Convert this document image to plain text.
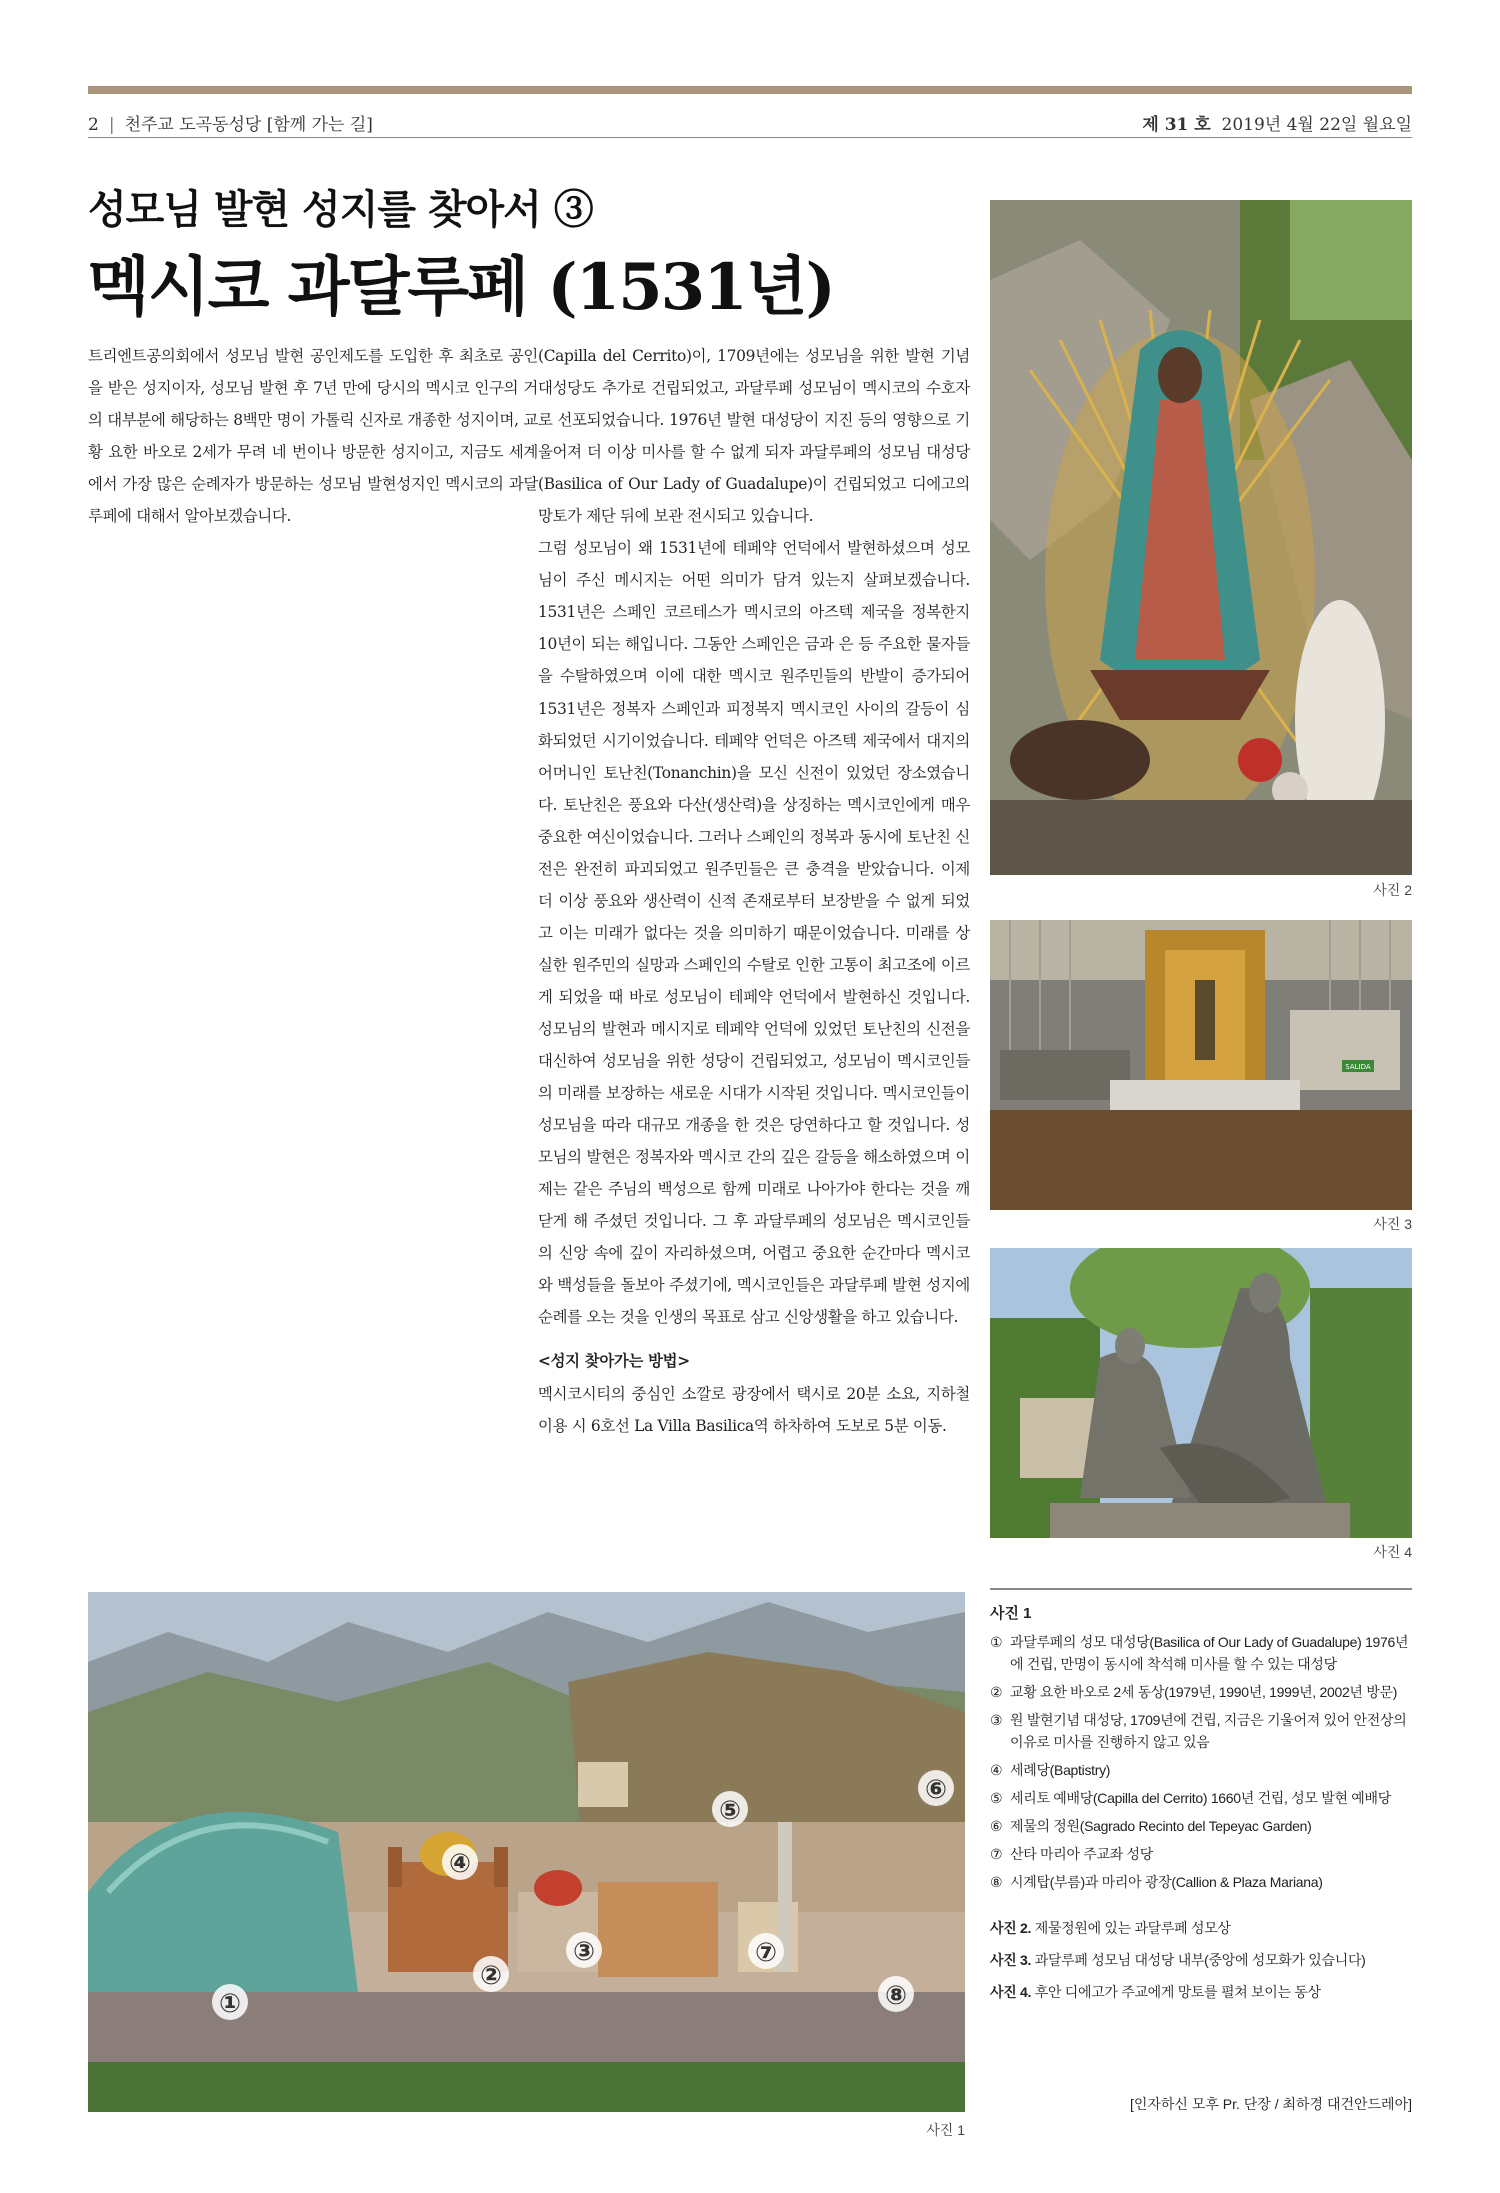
2 | 천주교 도곡동성당 [함께 가는 길]	제 31 호 2019년 4월 22일 월요일
성모님 발현 성지를 찾아서 ③
멕시코 과달루페 (1531년)

트리엔트공의회에서 성모님 발현 공인제도를 도입한 후 최초로 공인을 받은 성지이자, 성모님 발현 후 7년 만에 당시의 멕시코 인구의 거의 대부분에 해당하는 8백만 명이 가톨릭 신자로 개종한 성지이며, 교황 요한 바오로 2세가 무려 네 번이나 방문한 성지이고, 지금도 세계에서 가장 많은 순례자가 방문하는 성모님 발현성지인 멕시코의 과달루페에 대해서 알아보겠습니다.

(Capilla del Cerrito)이, 1709년에는 성모님을 위한 발현 기념 대성당도 추가로 건립되었고, 과달루페 성모님이 멕시코의 수호자로 선포되었습니다. 1976년 발현 대성당이 지진 등의 영향으로 기울어져 더 이상 미사를 할 수 없게 되자 과달루페의 성모님 대성당(Basilica of Our Lady of Guadalupe)이 건립되었고 디에고의 망토가 제단 뒤에 보관 전시되고 있습니다.

그럼 성모님이 왜 1531년에 테페약 언덕에서 발현하셨으며 성모님이 주신 메시지는 어떤 의미가 담겨 있는지 살펴보겠습니다. 1531년은 스페인 코르테스가 멕시코의 아즈텍 제국을 정복한지 10년이 되는 해입니다. 그동안 스페인은 금과 은 등 주요한 물자들을 수탈하였으며 이에 대한 멕시코 원주민들의 반발이 증가되어 1531년은 정복자 스페인과 피정복지 멕시코인 사이의 갈등이 심화되었던 시기이었습니다. 테페약 언덕은 아즈텍 제국에서 대지의 어머니인 토난친(Tonanchin)을 모신 신전이 있었던 장소였습니다. 토난친은 풍요와 다산(생산력)을 상징하는 멕시코인에게 매우 중요한 여신이었습니다. 그러나 스페인의 정복과 동시에 토난친 신전은 완전히 파괴되었고 원주민들은 큰 충격을 받았습니다. 이제 더 이상 풍요와 생산력이 신적 존재로부터 보장받을 수 없게 되었고 이는 미래가 없다는 것을 의미하기 때문이었습니다. 미래를 상실한 원주민의 실망과 스페인의 수탈로 인한 고통이 최고조에 이르게 되었을 때 바로 성모님이 테페약 언덕에서 발현하신 것입니다. 성모님의 발현과 메시지로 테페약 언덕에 있었던 토난친의 신전을 대신하여 성모님을 위한 성당이 건립되었고, 성모님이 멕시코인들의 미래를 보장하는 새로운 시대가 시작된 것입니다. 멕시코인들이 성모님을 따라 대규모 개종을 한 것은 당연하다고 할 것입니다. 성모님의 발현은 정복자와 멕시코 간의 깊은 갈등을 해소하였으며 이제는 같은 주님의 백성으로 함께 미래로 나아가야 한다는 것을 깨닫게 해 주셨던 것입니다. 그 후 과달루페의 성모님은 멕시코인들의 신앙 속에 깊이 자리하셨으며, 어렵고 중요한 순간마다 멕시코와 백성들을 돌보아 주셨기에, 멕시코인들은 과달루페 발현 성지에 순례를 오는 것을 인생의 목표로 삼고 신앙생활을 하고 있습니다.

<성지 찾아가는 방법>

멕시코시티의 중심인 소깔로 광장에서 택시로 20분 소요, 지하철 이용 시 6호선 La Villa Basilica역 하차하여 도보로 5분 이동.

사진 2
SALIDA
사진 3
사진 4
①
②
③
④
⑤
⑥
⑦
⑧
사진 1
사진 1
① 과달루페의 성모 대성당(Basilica of Our Lady of Guadalupe) 1976년에 건립, 만명이 동시에 착석해 미사를 할 수 있는 대성당
② 교황 요한 바오로 2세 동상(1979년, 1990년, 1999년, 2002년 방문)
③ 원 발현기념 대성당, 1709년에 건립, 지금은 기울어져 있어 안전상의 이유로 미사를 진행하지 않고 있음
④ 세례당(Baptistry)
⑤ 세리토 예배당(Capilla del Cerrito) 1660년 건립, 성모 발현 예배당
⑥ 제물의 정원(Sagrado Recinto del Tepeyac Garden)
⑦ 산타 마리아 주교좌 성당
⑧ 시계탑(부름)과 마리아 광장(Callion & Plaza Mariana)
사진 2. 제물정원에 있는 과달루페 성모상
사진 3. 과달루페 성모님 대성당 내부(중앙에 성모화가 있습니다)
사진 4. 후안 디에고가 주교에게 망토를 펼쳐 보이는 동상
[인자하신 모후 Pr. 단장 / 최하경 대건안드레아]
